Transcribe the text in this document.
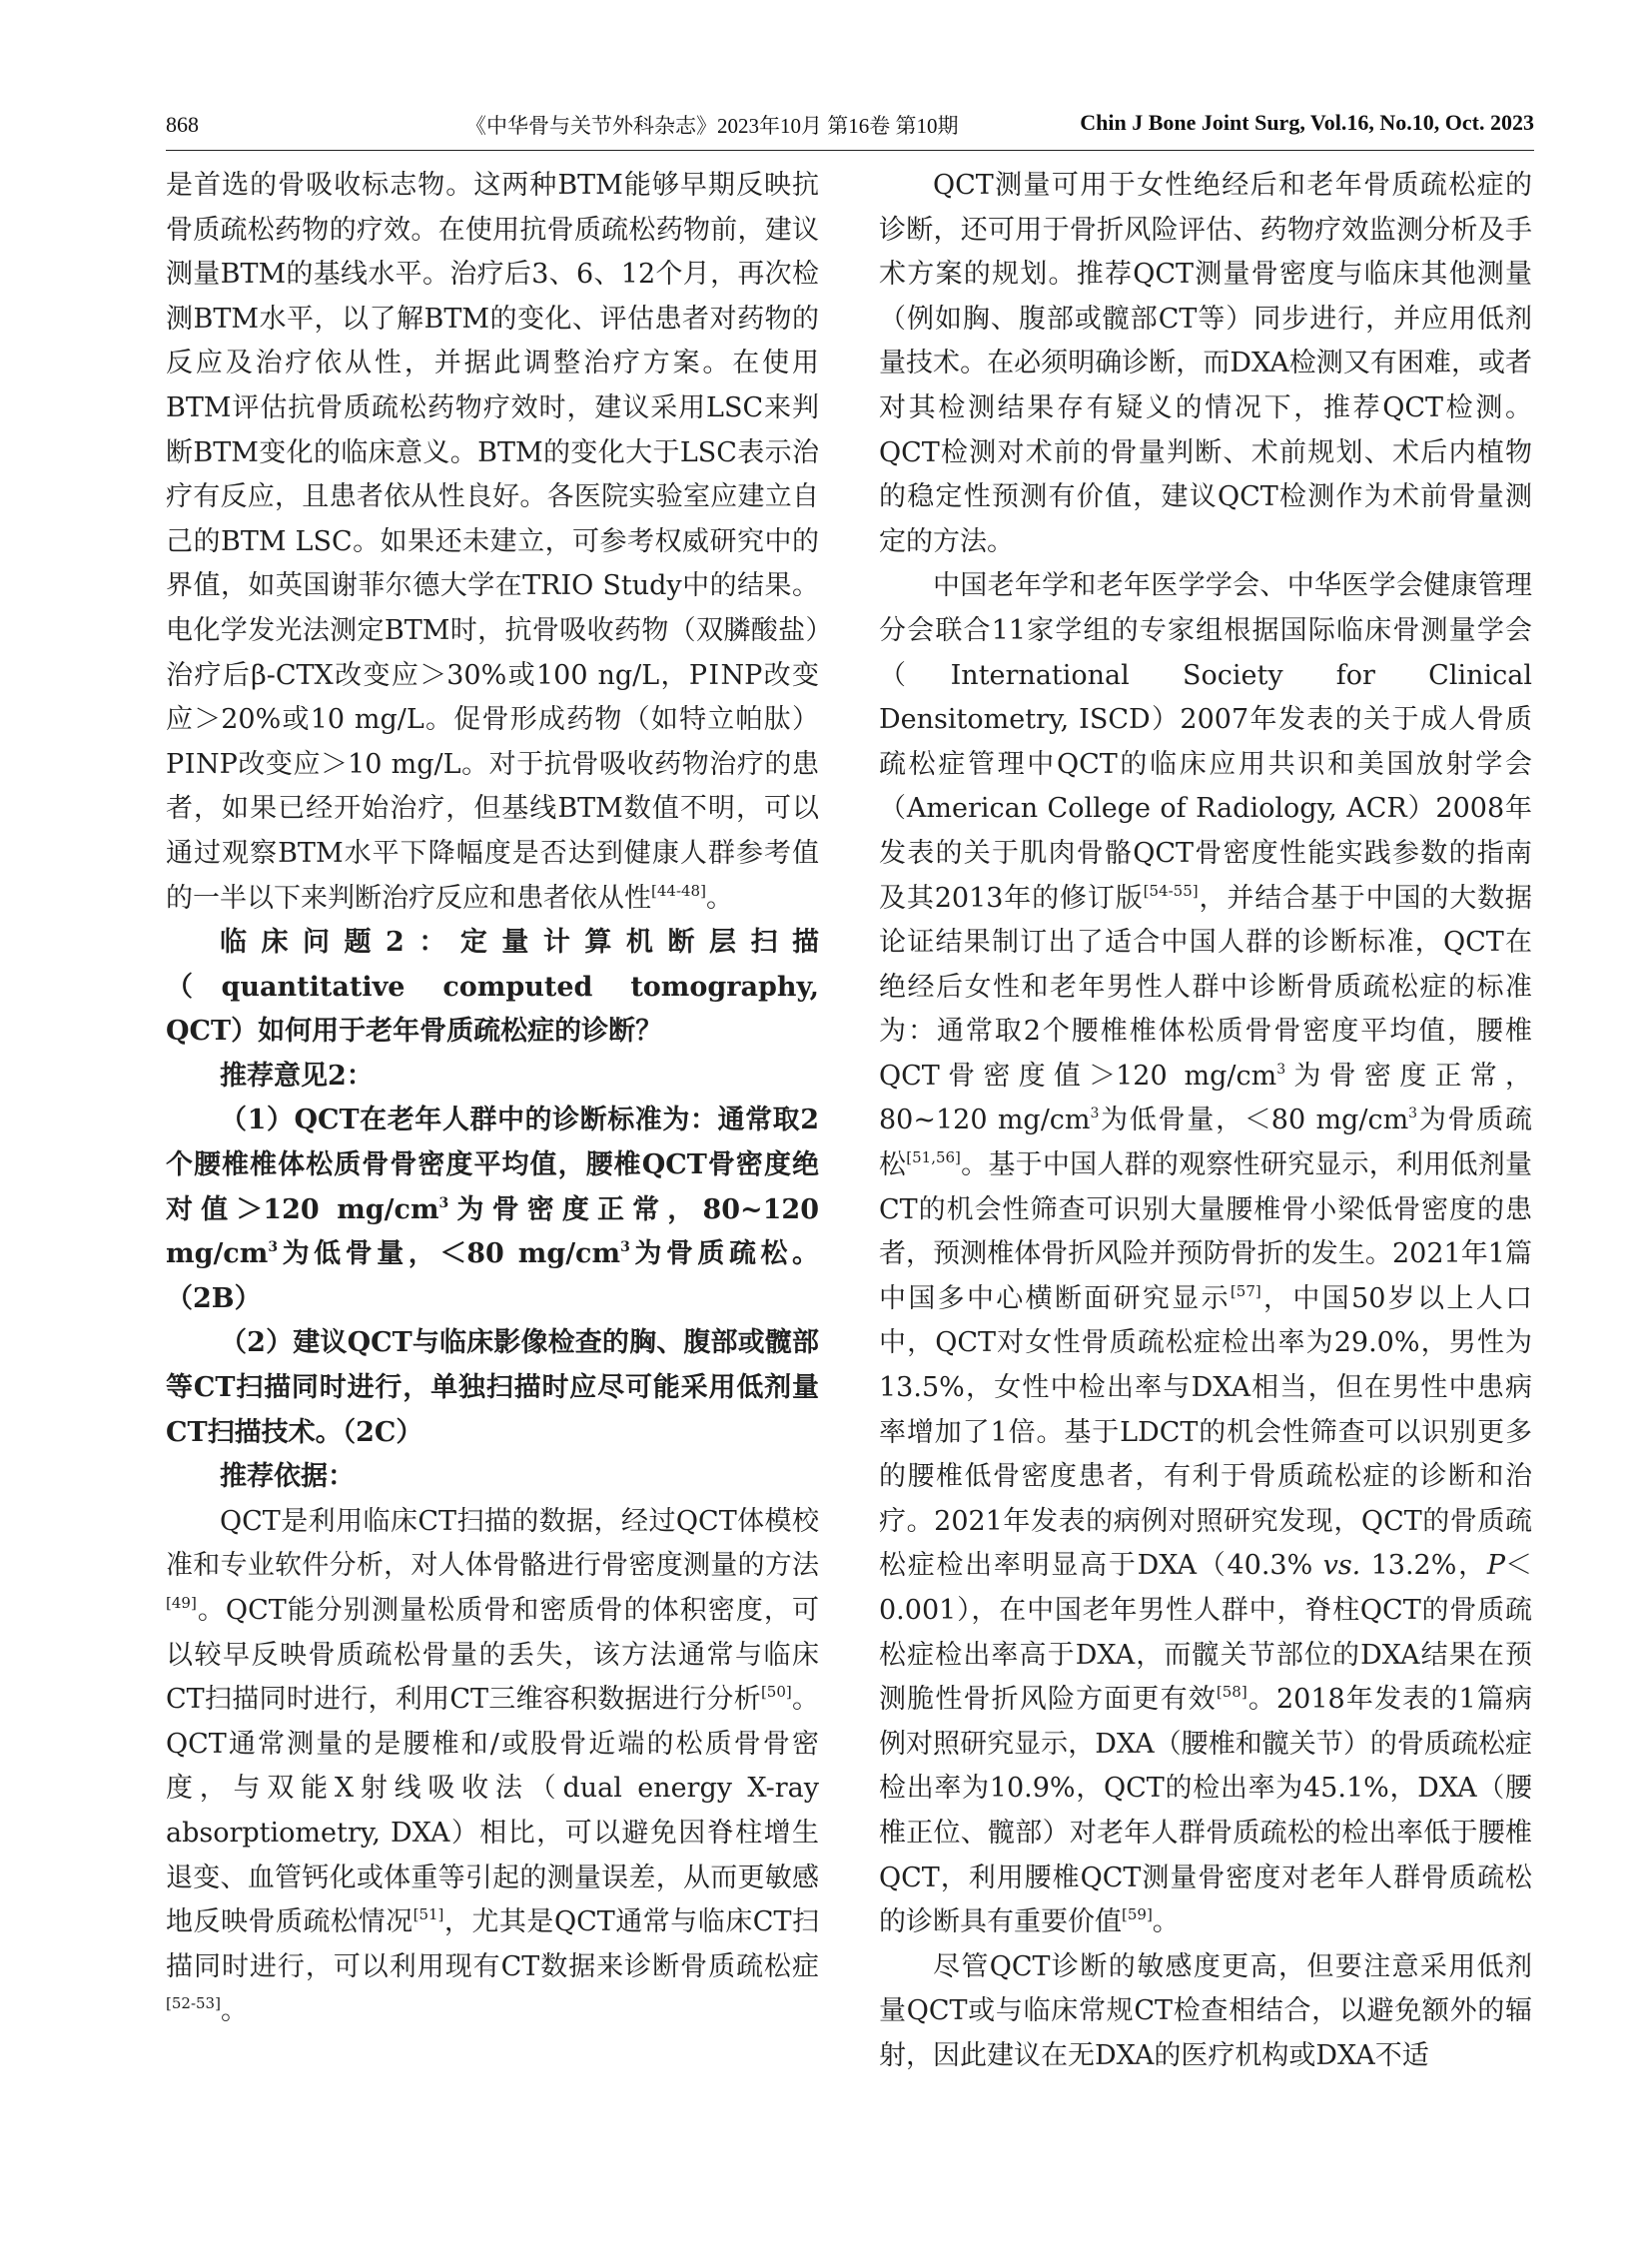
868	《中华骨与关节外科杂志》2023年10月 第16卷 第10期	Chin J Bone Joint Surg, Vol.16, No.10, Oct. 2023

是首选的骨吸收标志物。这两种BTM能够早期反映抗骨质疏松药物的疗效。在使用抗骨质疏松药物前，建议测量BTM的基线水平。治疗后3、6、12个月，再次检测BTM水平，以了解BTM的变化、评估患者对药物的反应及治疗依从性，并据此调整治疗方案。在使用BTM评估抗骨质疏松药物疗效时，建议采用LSC来判断BTM变化的临床意义。BTM的变化大于LSC表示治疗有反应，且患者依从性良好。各医院实验室应建立自己的BTM LSC。如果还未建立，可参考权威研究中的界值，如英国谢菲尔德大学在TRIO Study中的结果。电化学发光法测定BTM时，抗骨吸收药物（双膦酸盐）治疗后β-CTX改变应＞30%或100 ng/L，PⅠNP改变应＞20%或10 mg/L。促骨形成药物（如特立帕肽）PⅠNP改变应＞10 mg/L。对于抗骨吸收药物治疗的患者，如果已经开始治疗，但基线BTM数值不明，可以通过观察BTM水平下降幅度是否达到健康人群参考值的一半以下来判断治疗反应和患者依从性[44-48]。

临床问题2：定量计算机断层扫描（quantitative computed tomography, QCT）如何用于老年骨质疏松症的诊断？

推荐意见2：

（1）QCT在老年人群中的诊断标准为：通常取2个腰椎椎体松质骨骨密度平均值，腰椎QCT骨密度绝对值＞120 $mg/cm^3$为骨密度正常，80~120 $mg/cm^3$为低骨量，＜80 $mg/cm^3$为骨质疏松。（2B）

（2）建议QCT与临床影像检查的胸、腹部或髋部等CT扫描同时进行，单独扫描时应尽可能采用低剂量CT扫描技术。（2C）

推荐依据：

QCT是利用临床CT扫描的数据，经过QCT体模校准和专业软件分析，对人体骨骼进行骨密度测量的方法[49]。QCT能分别测量松质骨和密质骨的体积密度，可以较早反映骨质疏松骨量的丢失，该方法通常与临床CT扫描同时进行，利用CT三维容积数据进行分析[50]。QCT通常测量的是腰椎和/或股骨近端的松质骨骨密度，与双能X射线吸收法（dual energy X-ray absorptiometry, DXA）相比，可以避免因脊柱增生退变、血管钙化或体重等引起的测量误差，从而更敏感地反映骨质疏松情况[51]，尤其是QCT通常与临床CT扫描同时进行，可以利用现有CT数据来诊断骨质疏松症[52-53]。

QCT测量可用于女性绝经后和老年骨质疏松症的诊断，还可用于骨折风险评估、药物疗效监测分析及手术方案的规划。推荐QCT测量骨密度与临床其他测量（例如胸、腹部或髋部CT等）同步进行，并应用低剂量技术。在必须明确诊断，而DXA检测又有困难，或者对其检测结果存有疑义的情况下，推荐QCT检测。QCT检测对术前的骨量判断、术前规划、术后内植物的稳定性预测有价值，建议QCT检测作为术前骨量测定的方法。

中国老年学和老年医学学会、中华医学会健康管理分会联合11家学组的专家组根据国际临床骨测量学会（International Society for Clinical Densitometry, ISCD）2007年发表的关于成人骨质疏松症管理中QCT的临床应用共识和美国放射学会（American College of Radiology, ACR）2008年发表的关于肌肉骨骼QCT骨密度性能实践参数的指南及其2013年的修订版[54-55]，并结合基于中国的大数据论证结果制订出了适合中国人群的诊断标准，QCT在绝经后女性和老年男性人群中诊断骨质疏松症的标准为：通常取2个腰椎椎体松质骨骨密度平均值，腰椎QCT骨密度值＞120 $mg/cm^3$为骨密度正常，80~120 $mg/cm^3$为低骨量，＜80 $mg/cm^3$为骨质疏松[51,56]。基于中国人群的观察性研究显示，利用低剂量CT的机会性筛查可识别大量腰椎骨小梁低骨密度的患者，预测椎体骨折风险并预防骨折的发生。2021年1篇中国多中心横断面研究显示[57]，中国50岁以上人口中，QCT对女性骨质疏松症检出率为29.0%，男性为13.5%，女性中检出率与DXA相当，但在男性中患病率增加了1倍。基于LDCT的机会性筛查可以识别更多的腰椎低骨密度患者，有利于骨质疏松症的诊断和治疗。2021年发表的病例对照研究发现，QCT的骨质疏松症检出率明显高于DXA（40.3% vs. 13.2%，P＜0.001），在中国老年男性人群中，脊柱QCT的骨质疏松症检出率高于DXA，而髋关节部位的DXA结果在预测脆性骨折风险方面更有效[58]。2018年发表的1篇病例对照研究显示，DXA（腰椎和髋关节）的骨质疏松症检出率为10.9%，QCT的检出率为45.1%，DXA（腰椎正位、髋部）对老年人群骨质疏松的检出率低于腰椎QCT，利用腰椎QCT测量骨密度对老年人群骨质疏松的诊断具有重要价值[59]。

尽管QCT诊断的敏感度更高，但要注意采用低剂量QCT或与临床常规CT检查相结合，以避免额外的辐射，因此建议在无DXA的医疗机构或DXA不适
